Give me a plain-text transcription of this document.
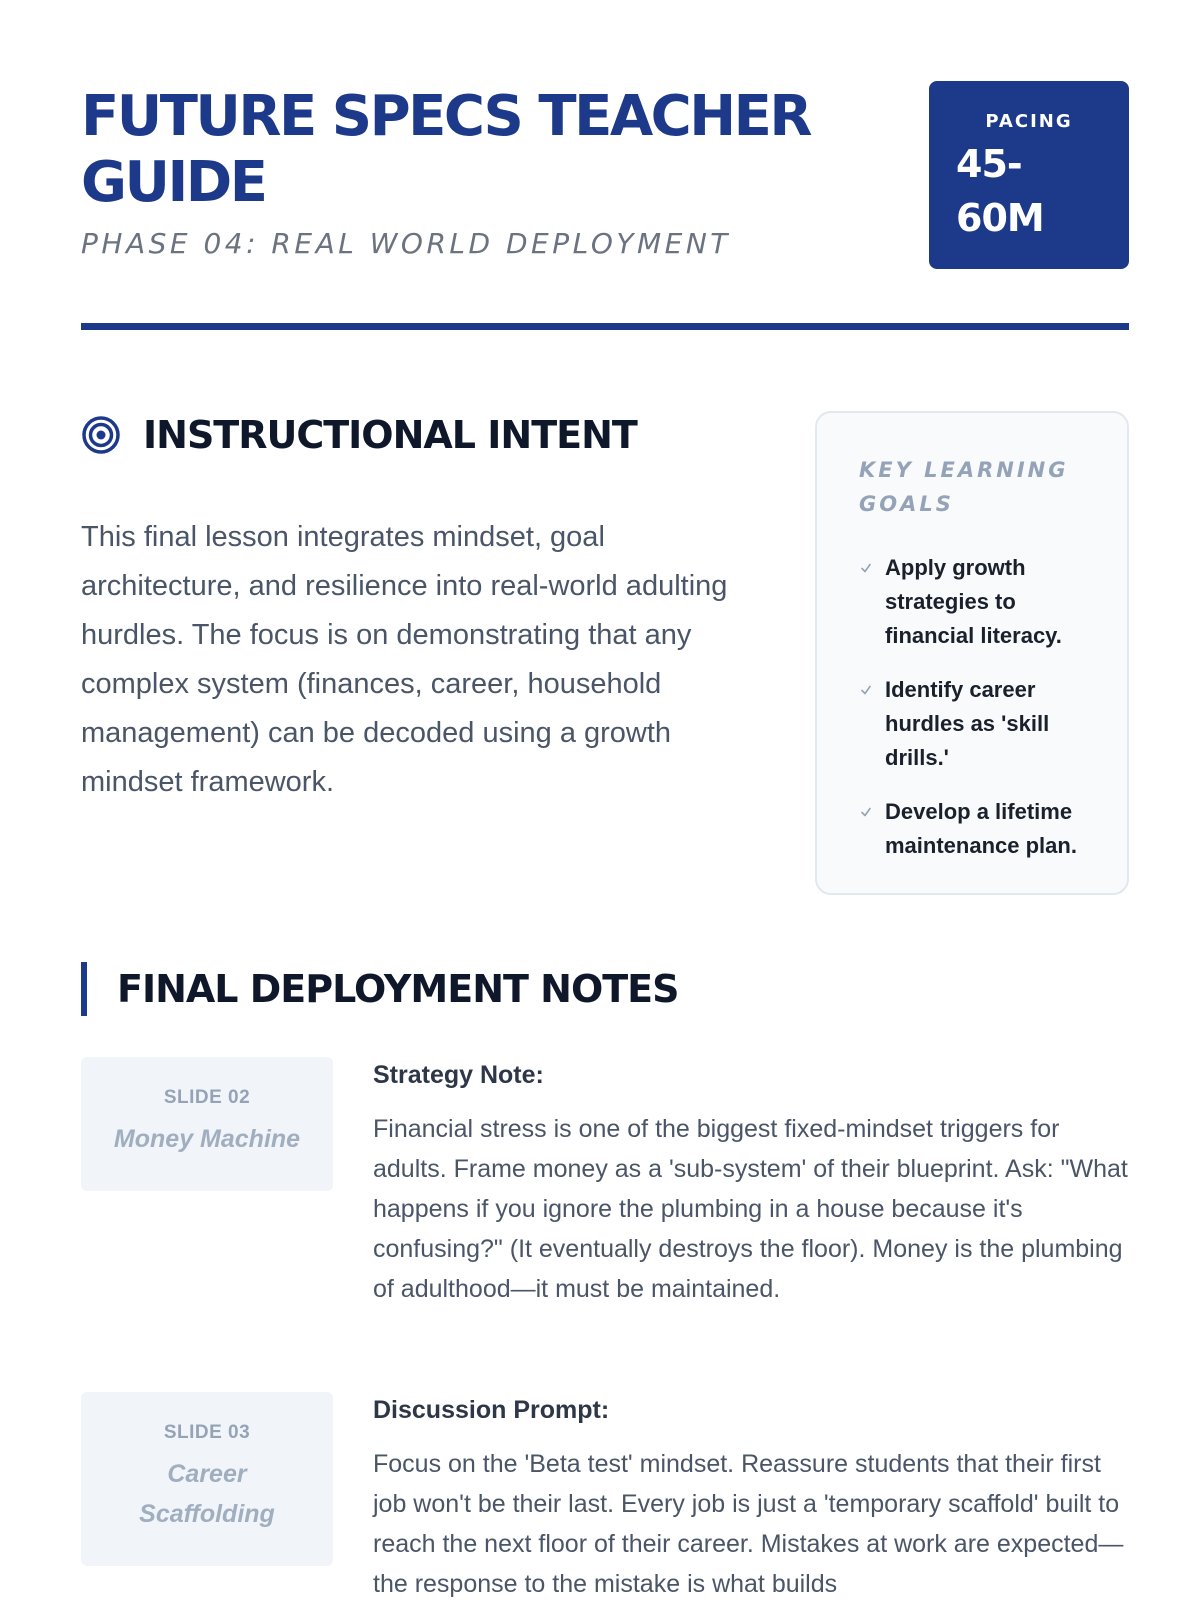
FUTURE SPECS TEACHER GUIDE
PHASE 04: REAL WORLD DEPLOYMENT
PACING
45-60M
INSTRUCTIONAL INTENT

This final lesson integrates mindset, goal architecture, and resilience into real-world adulting hurdles. The focus is on demonstrating that any complex system (finances, career, household management) can be decoded using a growth mindset framework.

KEY LEARNING GOALS
Apply growth strategies to financial literacy.
Identify career hurdles as 'skill drills.'
Develop a lifetime maintenance plan.
FINAL DEPLOYMENT NOTES
SLIDE 02
Money Machine
Strategy Note:

Financial stress is one of the biggest fixed-mindset triggers for adults. Frame money as a 'sub-system' of their blueprint. Ask: "What happens if you ignore the plumbing in a house because it's confusing?" (It eventually destroys the floor). Money is the plumbing of adulthood—it must be maintained.

SLIDE 03
Career Scaffolding
Discussion Prompt:

Focus on the 'Beta test' mindset. Reassure students that their first job won't be their last. Every job is just a 'temporary scaffold' built to reach the next floor of their career. Mistakes at work are expected—the response to the mistake is what builds
